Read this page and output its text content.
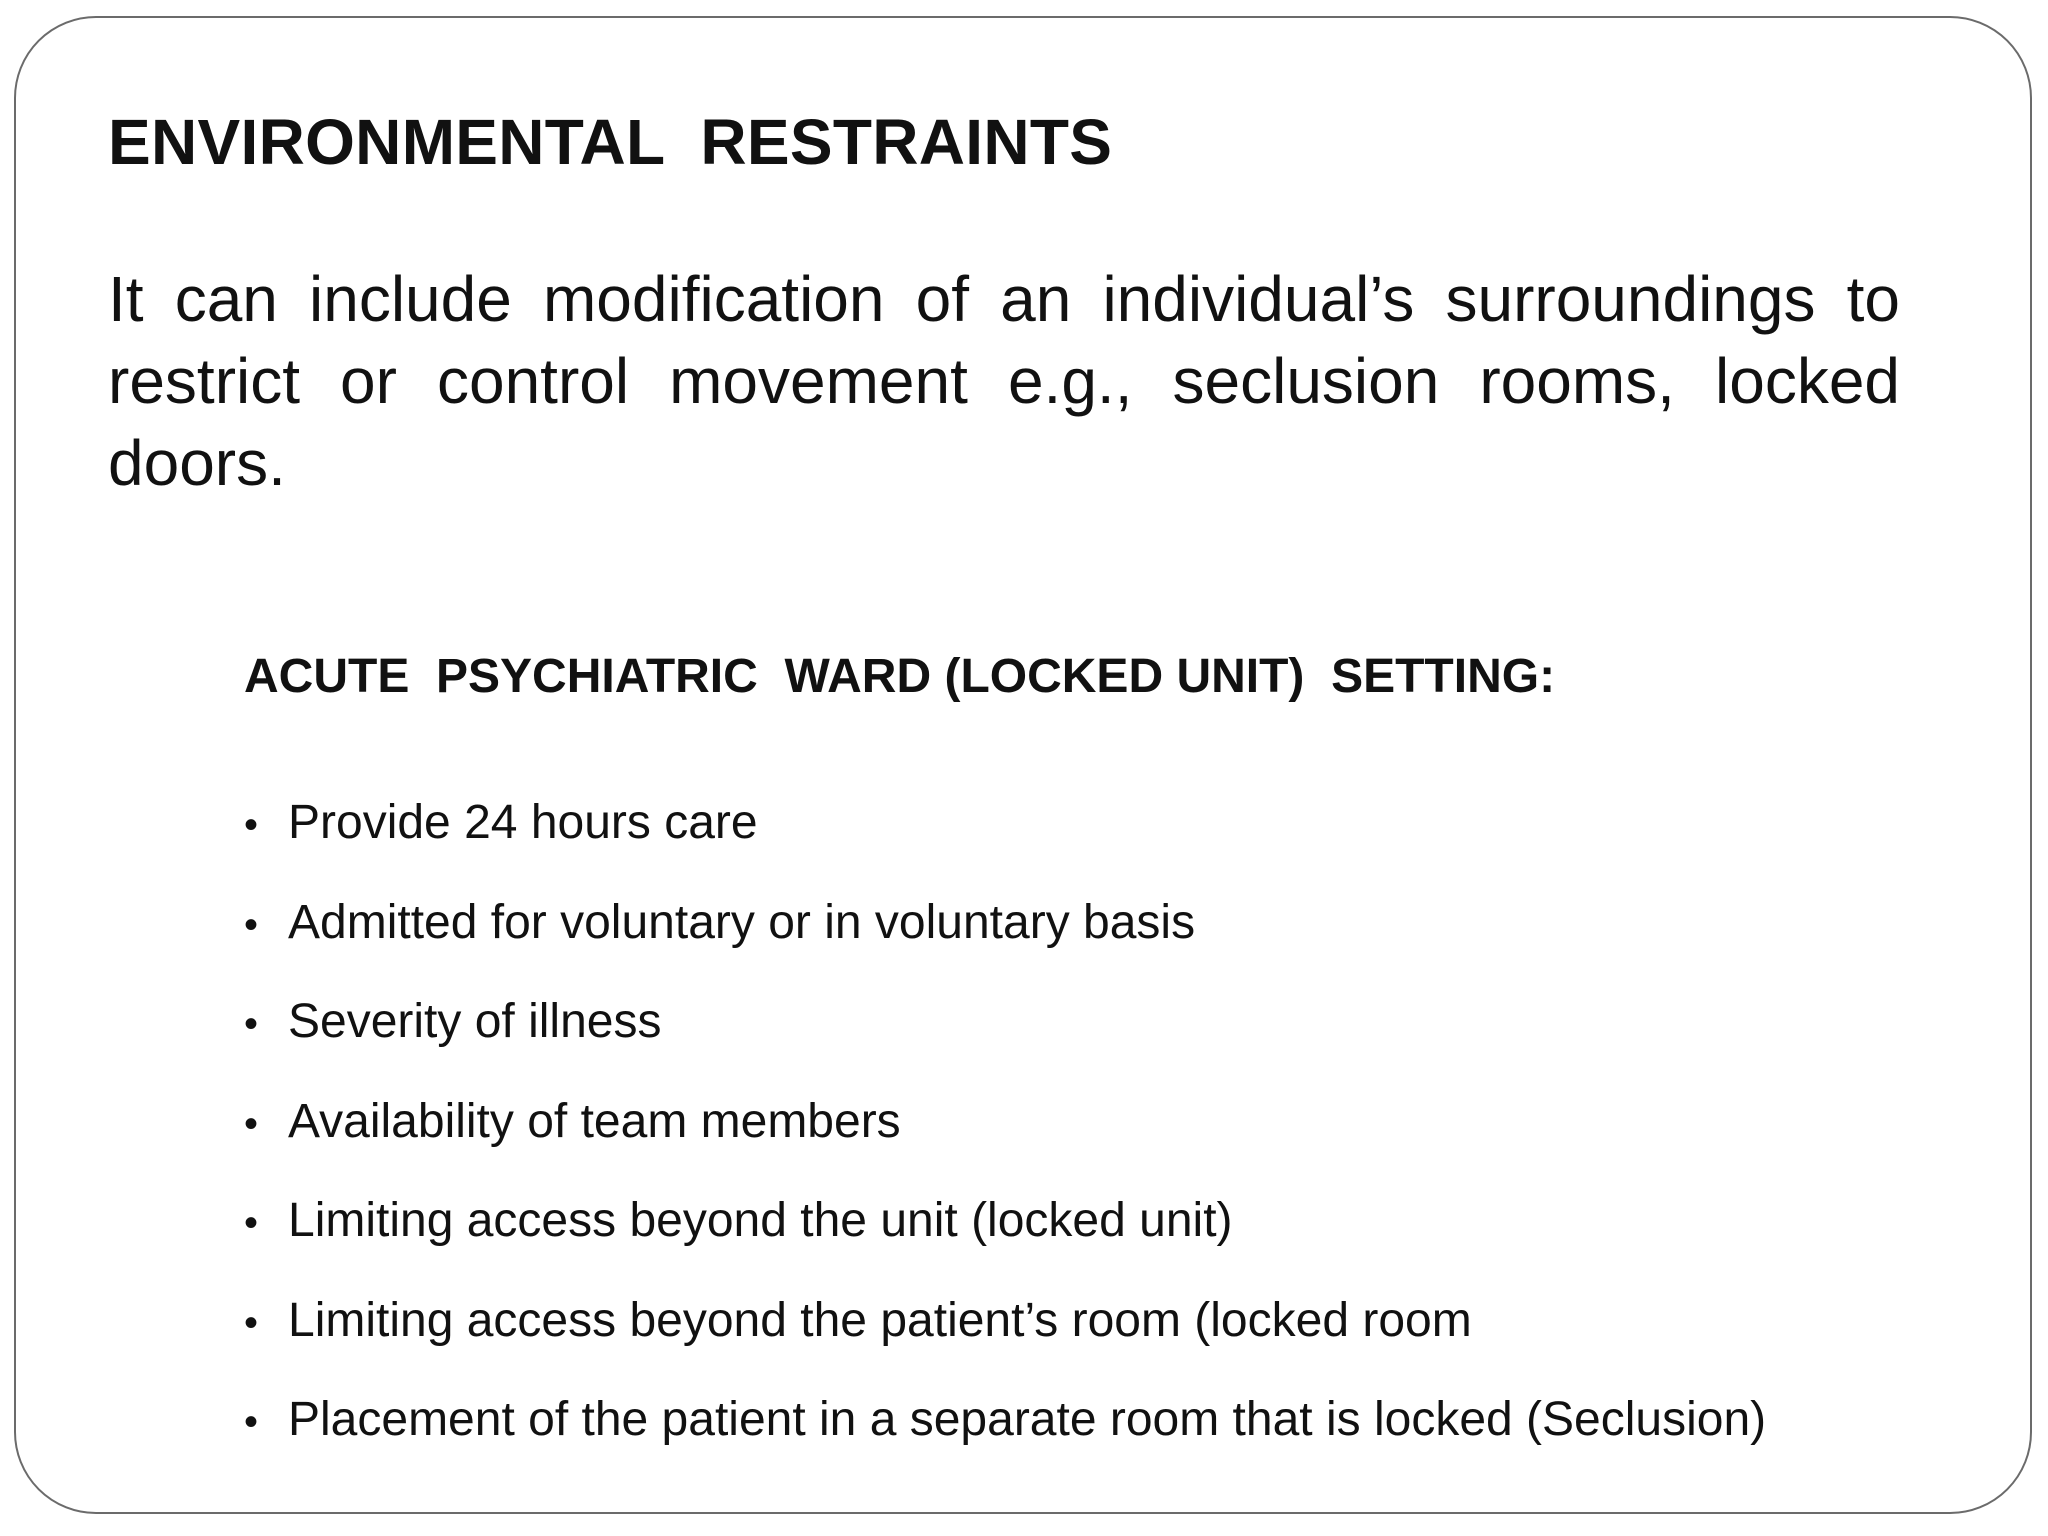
ENVIRONMENTAL  RESTRAINTS

It can include modification of an individual’s surroundings to restrict or control movement e.g., seclusion rooms, locked doors.

ACUTE  PSYCHIATRIC  WARD (LOCKED UNIT)  SETTING:
• Provide 24 hours care
• Admitted for voluntary or in voluntary basis
• Severity of illness
• Availability of team members
• Limiting access beyond the unit (locked unit)
• Limiting access beyond the patient’s room (locked room
• Placement of the patient in a separate room that is locked (Seclusion)
